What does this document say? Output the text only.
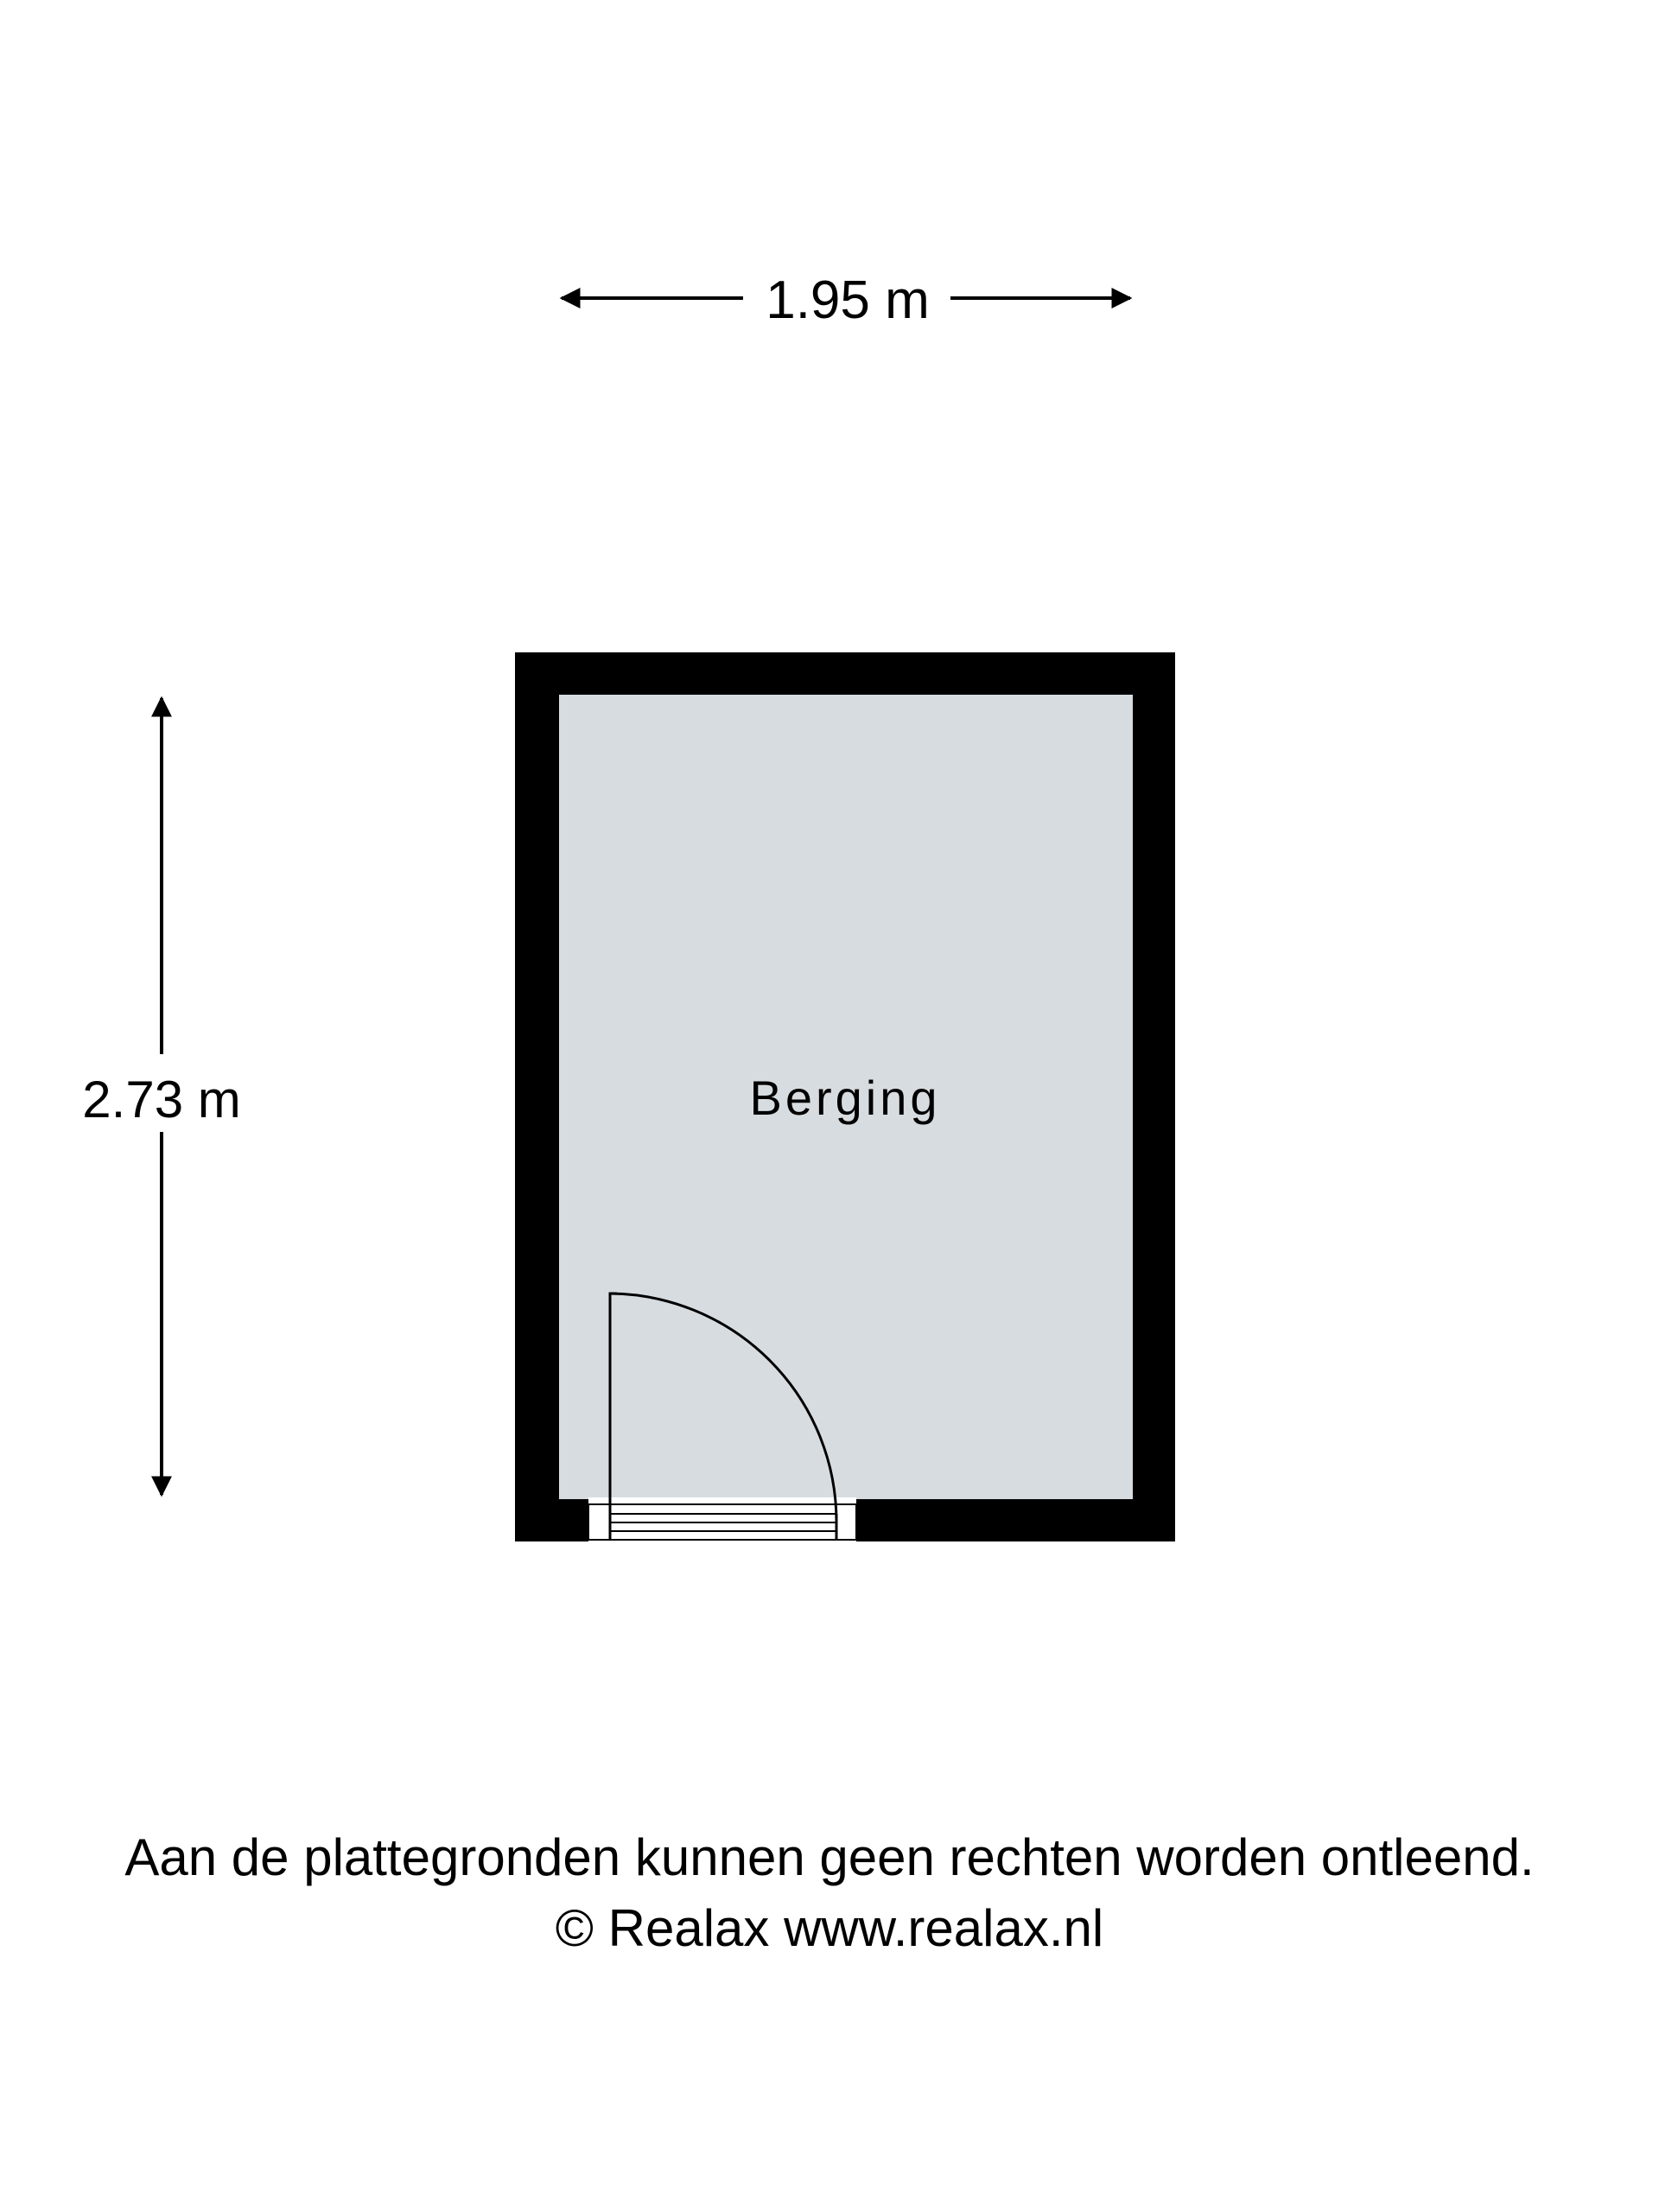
1.95 m
2.73 m	Berging
Aan de plattegronden kunnen geen rechten worden ontleend.
© Realax www.realax.nl
